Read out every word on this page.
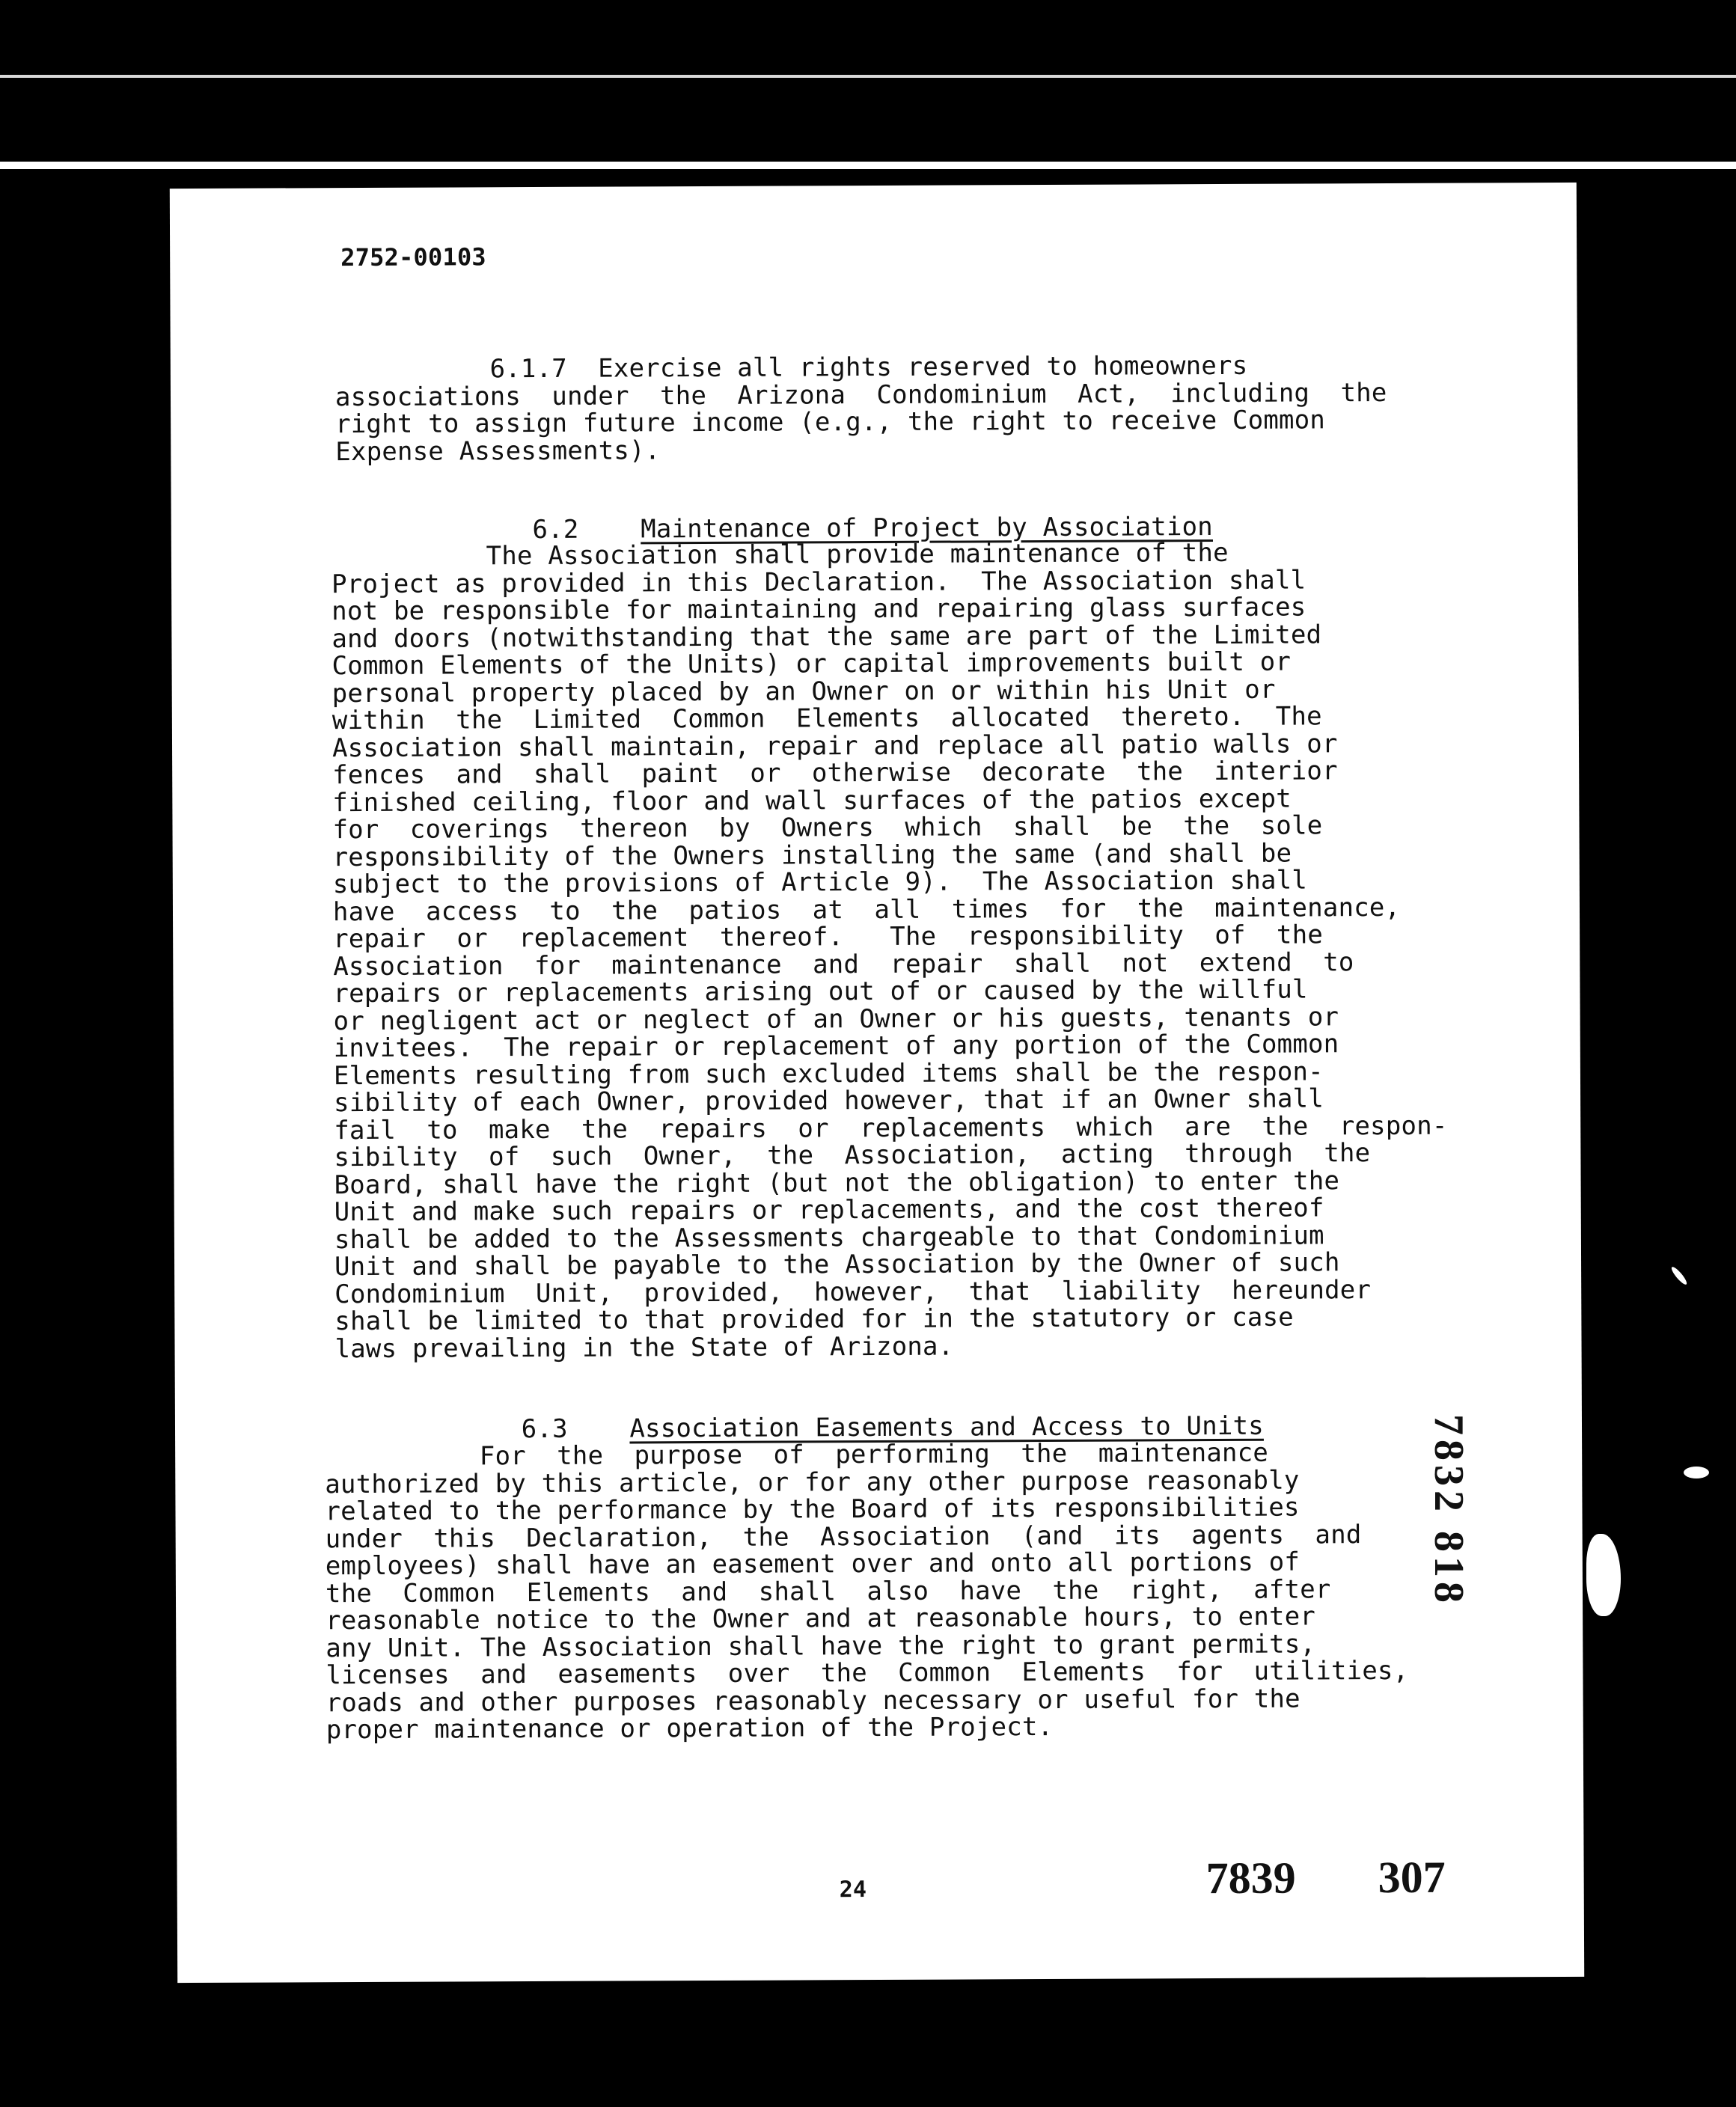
2752-00103
6.1.7  Exercise all rights reserved to homeowners
associations  under  the  Arizona  Condominium  Act,  including  the
right to assign future income (e.g., the right to receive Common
Expense Assessments).

6.2 Maintenance of Project by Association

The Association shall provide maintenance of the
Project as provided in this Declaration.  The Association shall
not be responsible for maintaining and repairing glass surfaces
and doors (notwithstanding that the same are part of the Limited
Common Elements of the Units) or capital improvements built or
personal property placed by an Owner on or within his Unit or
within  the  Limited  Common  Elements  allocated  thereto.  The
Association shall maintain, repair and replace all patio walls or
fences  and  shall  paint  or  otherwise  decorate  the  interior
finished ceiling, floor and wall surfaces of the patios except
for  coverings  thereon  by  Owners  which  shall  be  the  sole
responsibility of the Owners installing the same (and shall be
subject to the provisions of Article 9).  The Association shall
have  access  to  the  patios  at  all  times  for  the  maintenance,
repair  or  replacement  thereof.   The  responsibility  of  the
Association  for  maintenance  and  repair  shall  not  extend  to
repairs or replacements arising out of or caused by the willful
or negligent act or neglect of an Owner or his guests, tenants or
invitees.  The repair or replacement of any portion of the Common
Elements resulting from such excluded items shall be the respon-
sibility of each Owner, provided however, that if an Owner shall
fail  to  make  the  repairs  or  replacements  which  are  the  respon-
sibility  of  such  Owner,  the  Association,  acting  through  the
Board, shall have the right (but not the obligation) to enter the
Unit and make such repairs or replacements, and the cost thereof
shall be added to the Assessments chargeable to that Condominium
Unit and shall be payable to the Association by the Owner of such
Condominium  Unit,  provided,  however,  that  liability  hereunder
shall be limited to that provided for in the statutory or case
laws prevailing in the State of Arizona.

6.3 Association Easements and Access to Units

For  the  purpose  of  performing  the  maintenance
authorized by this article, or for any other purpose reasonably
related to the performance by the Board of its responsibilities
under  this  Declaration,  the  Association  (and  its  agents  and
employees) shall have an easement over and onto all portions of
the  Common  Elements  and  shall  also  have  the  right,  after
reasonable notice to the Owner and at reasonable hours, to enter
any Unit. The Association shall have the right to grant permits,
licenses  and  easements  over  the  Common  Elements  for  utilities,
roads and other purposes reasonably necessary or useful for the
proper maintenance or operation of the Project.
24	7839 307
7832 818
